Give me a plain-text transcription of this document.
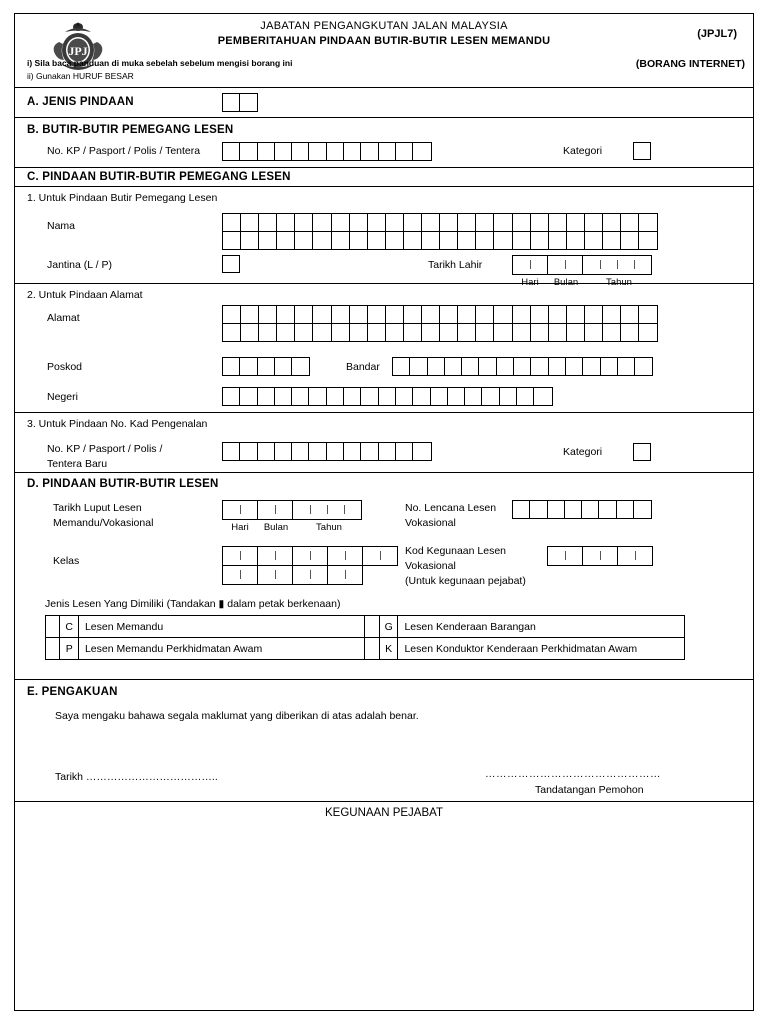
JPJ
JABATAN PENGANGKUTAN JALAN MALAYSIA
PEMBERITAHUAN PINDAAN BUTIR-BUTIR LESEN MEMANDU
(JPJL7)
(BORANG INTERNET)
i) Sila baca panduan di muka sebelah sebelum mengisi borang ini
ii) Gunakan HURUF BESAR
A. JENIS PINDAAN
B. BUTIR-BUTIR PEMEGANG LESEN
No. KP / Pasport / Polis / Tentera	Kategori
C. PINDAAN BUTIR-BUTIR PEMEGANG LESEN
1. Untuk Pindaan Butir Pemegang Lesen
Nama
Jantina (L / P)	Tarikh Lahir
Hari	Bulan	Tahun
2. Untuk Pindaan Alamat
Alamat
Poskod	Bandar
Negeri
3. Untuk Pindaan No. Kad Pengenalan
No. KP / Pasport / Polis /
Tentera Baru
Kategori
D. PINDAAN BUTIR-BUTIR LESEN
Tarikh Luput Lesen
Memandu/Vokasional	Hari	Bulan	Tahun
No. Lencana Lesen
Vokasional
Kelas
Kod Kegunaan Lesen
Vokasional
(Untuk kegunaan pejabat)
Jenis Lesen Yang Dimiliki (Tandakan ▮ dalam petak berkenaan)
	C	Lesen Memandu		G	Lesen Kenderaan Barangan
	P	Lesen Memandu Perkhidmatan Awam		K	Lesen Konduktor Kenderaan Perkhidmatan Awam
E. PENGAKUAN
Saya mengaku bahawa segala maklumat yang diberikan di atas adalah benar.
Tarikh ………………………………..	…………………………………………
Tandatangan Pemohon
KEGUNAAN PEJABAT
